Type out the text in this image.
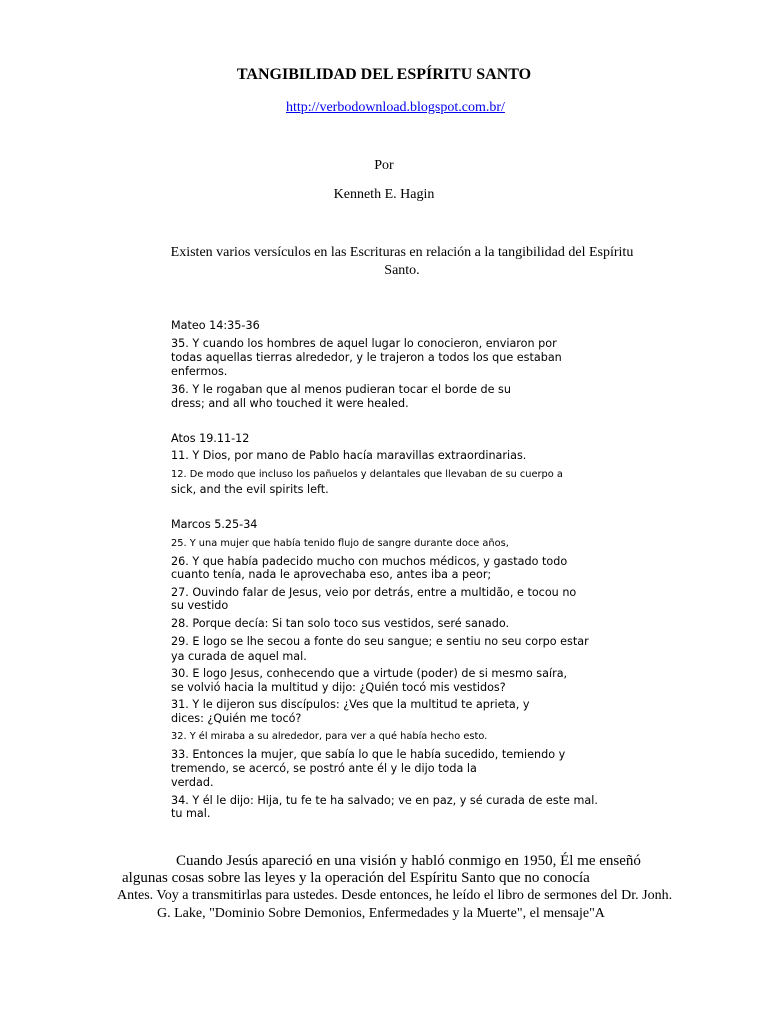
TANGIBILIDAD DEL ESPÍRITU SANTO
http://verbodownload.blogspot.com.br/
Por
Kenneth E. Hagin
Existen varios versículos en las Escrituras en relación a la tangibilidad del Espíritu
Santo.
Mateo 14:35-36
35. Y cuando los hombres de aquel lugar lo conocieron, enviaron por
todas aquellas tierras alrededor, y le trajeron a todos los que estaban
enfermos.
36. Y le rogaban que al menos pudieran tocar el borde de su
dress; and all who touched it were healed.
Atos 19.11-12
11. Y Dios, por mano de Pablo hacía maravillas extraordinarias.
12. De modo que incluso los pañuelos y delantales que llevaban de su cuerpo a
sick, and the evil spirits left.
Marcos 5.25-34
25. Y una mujer que había tenido flujo de sangre durante doce años,
26. Y que había padecido mucho con muchos médicos, y gastado todo
cuanto tenía, nada le aprovechaba eso, antes iba a peor;
27. Ouvindo falar de Jesus, veio por detrás, entre a multidão, e tocou no
su vestido
28. Porque decía: Si tan solo toco sus vestidos, seré sanado.
29. E logo se lhe secou a fonte do seu sangue; e sentiu no seu corpo estar
ya curada de aquel mal.
30. E logo Jesus, conhecendo que a virtude (poder) de si mesmo saíra,
se volvió hacia la multitud y dijo: ¿Quién tocó mis vestidos?
31. Y le dijeron sus discípulos: ¿Ves que la multitud te aprieta, y
dices: ¿Quién me tocó?
32. Y él miraba a su alrededor, para ver a qué había hecho esto.
33. Entonces la mujer, que sabía lo que le había sucedido, temiendo y
tremendo, se acercó, se postró ante él y le dijo toda la
verdad.
34. Y él le dijo: Hija, tu fe te ha salvado; ve en paz, y sé curada de este mal.
tu mal.
Cuando Jesús apareció en una visión y habló conmigo en 1950, Él me enseñó
algunas cosas sobre las leyes y la operación del Espíritu Santo que no conocía
Antes. Voy a transmitirlas para ustedes. Desde entonces, he leído el libro de sermones del Dr. Jonh.
G. Lake, "Dominio Sobre Demonios, Enfermedades y la Muerte", el mensaje"A
